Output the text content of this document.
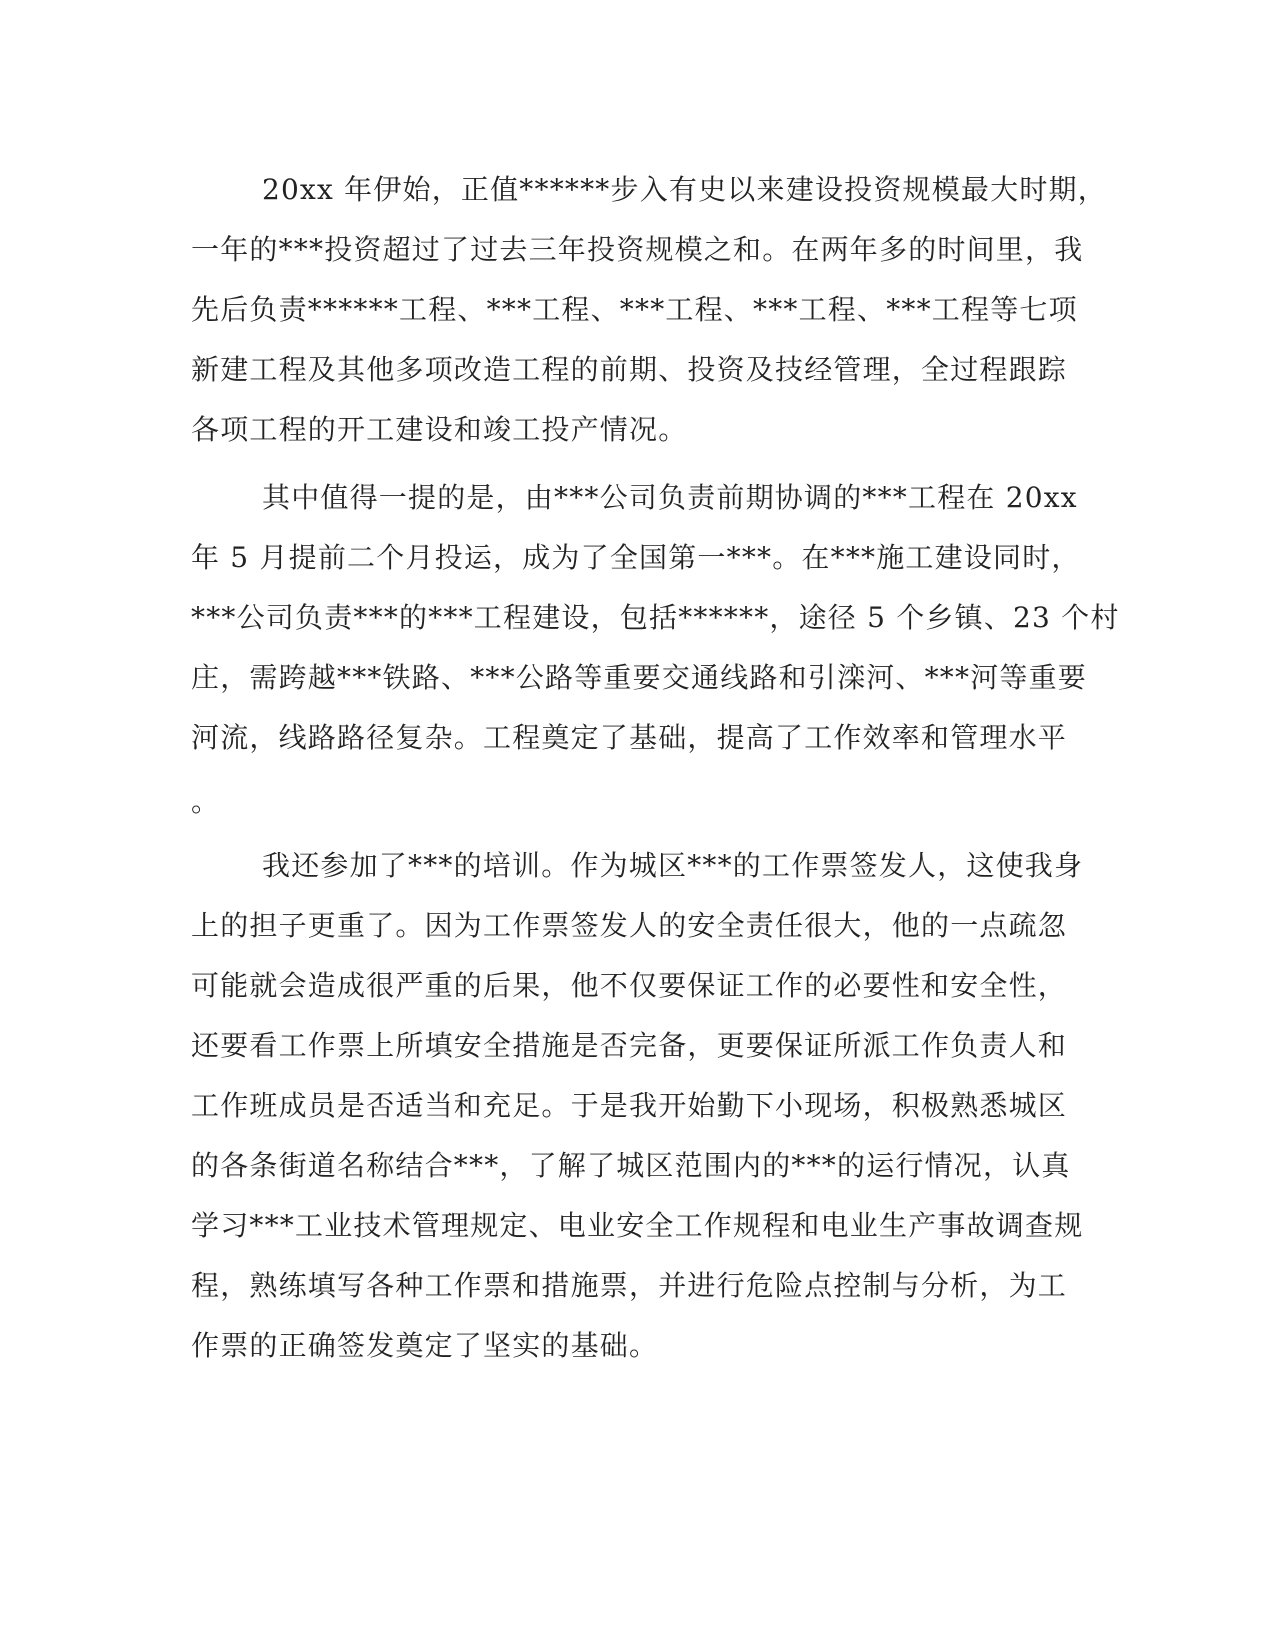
20xx 年伊始，正值******步入有史以来建设投资规模最大时期，
一年的***投资超过了过去三年投资规模之和。在两年多的时间里，我
先后负责******工程、***工程、***工程、***工程、***工程等七项
新建工程及其他多项改造工程的前期、投资及技经管理，全过程跟踪
各项工程的开工建设和竣工投产情况。
其中值得一提的是，由***公司负责前期协调的***工程在 20xx
年 5 月提前二个月投运，成为了全国第一***。在***施工建设同时，
***公司负责***的***工程建设，包括******，途径 5 个乡镇、23 个村
庄，需跨越***铁路、***公路等重要交通线路和引滦河、***河等重要
河流，线路路径复杂。工程奠定了基础，提高了工作效率和管理水平
。
我还参加了***的培训。作为城区***的工作票签发人，这使我身
上的担子更重了。因为工作票签发人的安全责任很大，他的一点疏忽
可能就会造成很严重的后果，他不仅要保证工作的必要性和安全性，
还要看工作票上所填安全措施是否完备，更要保证所派工作负责人和
工作班成员是否适当和充足。于是我开始勤下小现场，积极熟悉城区
的各条街道名称结合***，了解了城区范围内的***的运行情况，认真
学习***工业技术管理规定、电业安全工作规程和电业生产事故调查规
程，熟练填写各种工作票和措施票，并进行危险点控制与分析，为工
作票的正确签发奠定了坚实的基础。
